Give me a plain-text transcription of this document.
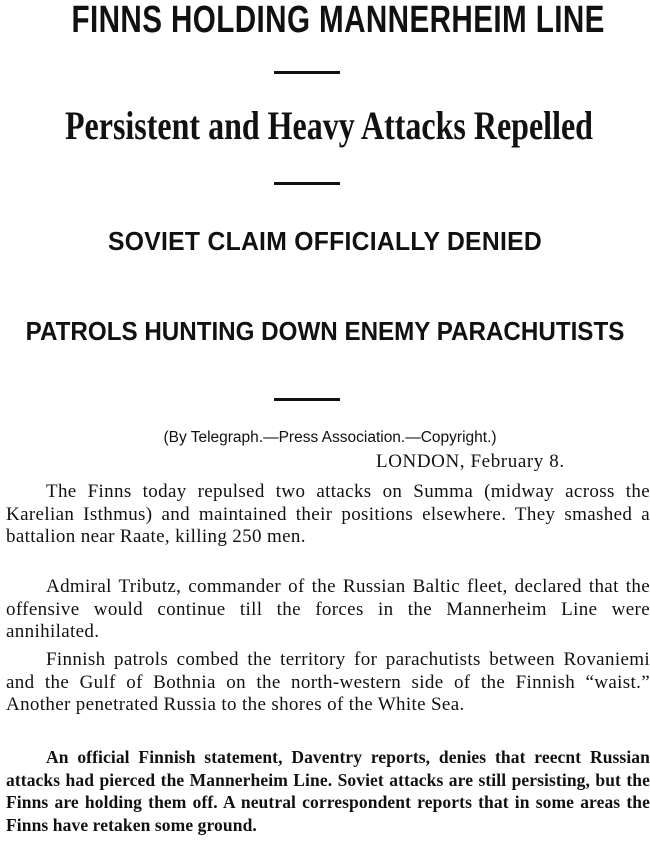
FINNS HOLDING MANNERHEIM LINE
Persistent and Heavy Attacks Repelled
SOVIET CLAIM OFFICIALLY DENIED
PATROLS HUNTING DOWN ENEMY PARACHUTISTS
(By Telegraph.—Press Association.—Copyright.)
LONDON, February 8.

The Finns today repulsed two attacks on Summa (midway across the Karelian Isthmus) and maintained their positions elsewhere. They smashed a battalion near Raate, killing 250 men.

Admiral Tributz, commander of the Russian Baltic fleet, declared that the offensive would continue till the forces in the Mannerheim Line were annihilated.

Finnish patrols combed the territory for parachutists between Rovaniemi and the Gulf of Bothnia on the north-western side of the Finnish “waist.” Another penetrated Russia to the shores of the White Sea.

An official Finnish statement, Daventry reports, denies that reecnt Russian attacks had pierced the Mannerheim Line. Soviet attacks are still persisting, but the Finns are holding them off. A neutral correspondent reports that in some areas the Finns have retaken some ground.
